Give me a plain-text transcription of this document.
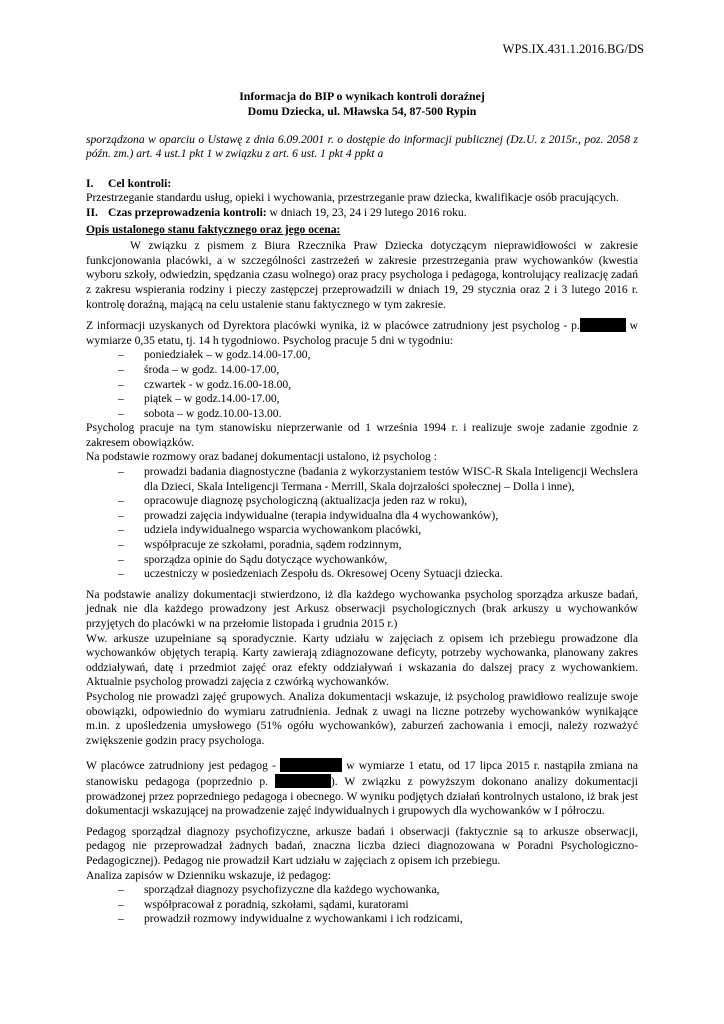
WPS.IX.431.1.2016.BG/DS
Informacja do BIP o wynikach kontroli doraźnej
Domu Dziecka, ul. Mławska 54, 87-500 Rypin

sporządzona w oparciu o Ustawę z dnia 6.09.2001 r. o dostępie do informacji publicznej (Dz.U. z 2015r., poz. 2058 z późn. zm.) art. 4 ust.1 pkt 1 w związku z art. 6 ust. 1 pkt 4 ppkt a

I. Cel kontroli:

Przestrzeganie standardu usług, opieki i wychowania, przestrzeganie praw dziecka, kwalifikacje osób pracujących.

II. Czas przeprowadzenia kontroli: w dniach 19, 23, 24 i 29 lutego 2016 roku.
Opis ustalonego stanu faktycznego oraz jego ocena:

W związku z pismem z Biura Rzecznika Praw Dziecka dotyczącym nieprawidłowości w zakresie funkcjonowania placówki, a w szczególności zastrzeżeń w zakresie przestrzegania praw wychowanków (kwestia wyboru szkoły, odwiedzin, spędzania czasu wolnego) oraz pracy psychologa i pedagoga, kontrolujący realizację zadań z zakresu wspierania rodziny i pieczy zastępczej przeprowadzili w dniach 19, 29 stycznia oraz 2 i 3 lutego 2016 r. kontrolę doraźną, mającą na celu ustalenie stanu faktycznego w tym zakresie.

Z informacji uzyskanych od Dyrektora placówki wynika, iż w placówce zatrudniony jest psycholog - p.	w wymiarze 0,35 etatu, tj. 14 h tygodniowo. Psycholog pracuje 5 dni w tygodniu:

– poniedziałek – w godz.14.00-17.00,
– środa – w godz. 14.00-17.00,
– czwartek - w godz.16.00-18.00,
– piątek – w godz.14.00-17.00,
– sobota – w godz.10.00-13.00.

Psycholog pracuje na tym stanowisku nieprzerwanie od 1 września 1994 r. i realizuje swoje zadanie zgodnie z zakresem obowiązków.

Na podstawie rozmowy oraz badanej dokumentacji ustalono, iż psycholog :

– prowadzi badania diagnostyczne (badania z wykorzystaniem testów WISC-R Skala Inteligencji Wechslera dla Dzieci, Skala Inteligencji Termana - Merrill, Skala dojrzałości społecznej – Dolla i inne),
– opracowuje diagnozę psychologiczną (aktualizacja jeden raz w roku),
– prowadzi zajęcia indywidualne (terapia indywidualna dla 4 wychowanków),
– udziela indywidualnego wsparcia wychowankom placówki,
– współpracuje ze szkołami, poradnia, sądem rodzinnym,
– sporządza opinie do Sądu dotyczące wychowanków,
– uczestniczy w posiedzeniach Zespołu ds. Okresowej Oceny Sytuacji dziecka.

Na podstawie analizy dokumentacji stwierdzono, iż dla każdego wychowanka psycholog sporządza arkusze badań, jednak nie dla każdego prowadzony jest Arkusz obserwacji psychologicznych (brak arkuszy u wychowanków przyjętych do placówki w na przełomie listopada i grudnia 2015 r.)

Ww. arkusze uzupełniane są sporadycznie. Karty udziału w zajęciach z opisem ich przebiegu prowadzone dla wychowanków objętych terapią. Karty zawierają zdiagnozowane deficyty, potrzeby wychowanka, planowany zakres oddziaływań, datę i przedmiot zajęć oraz efekty oddziaływań i wskazania do dalszej pracy z wychowankiem. Aktualnie psycholog prowadzi zajęcia z czwórką wychowanków.

Psycholog nie prowadzi zajęć grupowych. Analiza dokumentacji wskazuje, iż psycholog prawidłowo realizuje swoje obowiązki, odpowiednio do wymiaru zatrudnienia. Jednak z uwagi na liczne potrzeby wychowanków wynikające m.in. z upośledzenia umysłowego (51% ogółu wychowanków), zaburzeń zachowania i emocji, należy rozważyć zwiększenie godzin pracy psychologa.

W placówce zatrudniony jest pedagog -	w wymiarze 1 etatu, od 17 lipca 2015 r. nastąpiła zmiana na stanowisku pedagoga (poprzednio p.	). W związku z powyższym dokonano analizy dokumentacji prowadzonej przez poprzedniego pedagoga i obecnego. W wyniku podjętych działań kontrolnych ustalono, iż brak jest dokumentacji wskazującej na prowadzenie zajęć indywidualnych i grupowych dla wychowanków w I półroczu.

Pedagog sporządzał diagnozy psychofizyczne, arkusze badań i obserwacji (faktycznie są to arkusze obserwacji, pedagog nie przeprowadzał żadnych badań, znaczna liczba dzieci diagnozowana w Poradni Psychologiczno-Pedagogicznej). Pedagog nie prowadził Kart udziału w zajęciach z opisem ich przebiegu.

Analiza zapisów w Dzienniku wskazuje, iż pedagog:

– sporządzał diagnozy psychofizyczne dla każdego wychowanka,
– współpracował z poradnią, szkołami, sądami, kuratorami
– prowadził rozmowy indywidualne z wychowankami i ich rodzicami,
